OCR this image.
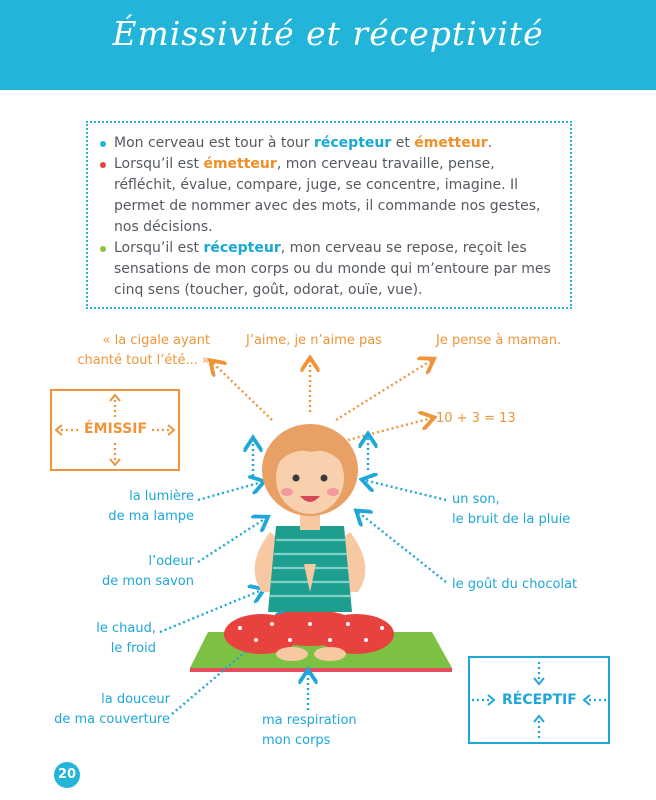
Émissivité et réceptivité
Mon cerveau est tour à tour récepteur et émetteur.
Lorsqu’il est émetteur, mon cerveau travaille, pense, réfléchit, évalue, compare, juge, se concentre, imagine. Il permet de nommer avec des mots, il commande nos gestes, nos décisions.
Lorsqu’il est récepteur, mon cerveau se repose, reçoit les sensations de mon corps ou du monde qui m’entoure par mes cinq sens (toucher, goût, odorat, ouïe, vue).
« la cigale ayant
chanté tout l’été... »
J’aime, je n’aime pas	Je pense à maman.
10 + 3 = 13
la lumière
de ma lampe
l’odeur
de mon savon
le chaud,
le froid
la douceur
de ma couverture	ma respiration
mon corps
un son,
le bruit de la pluie
le goût du chocolat
ÉMISSIF
RÉCEPTIF
20
